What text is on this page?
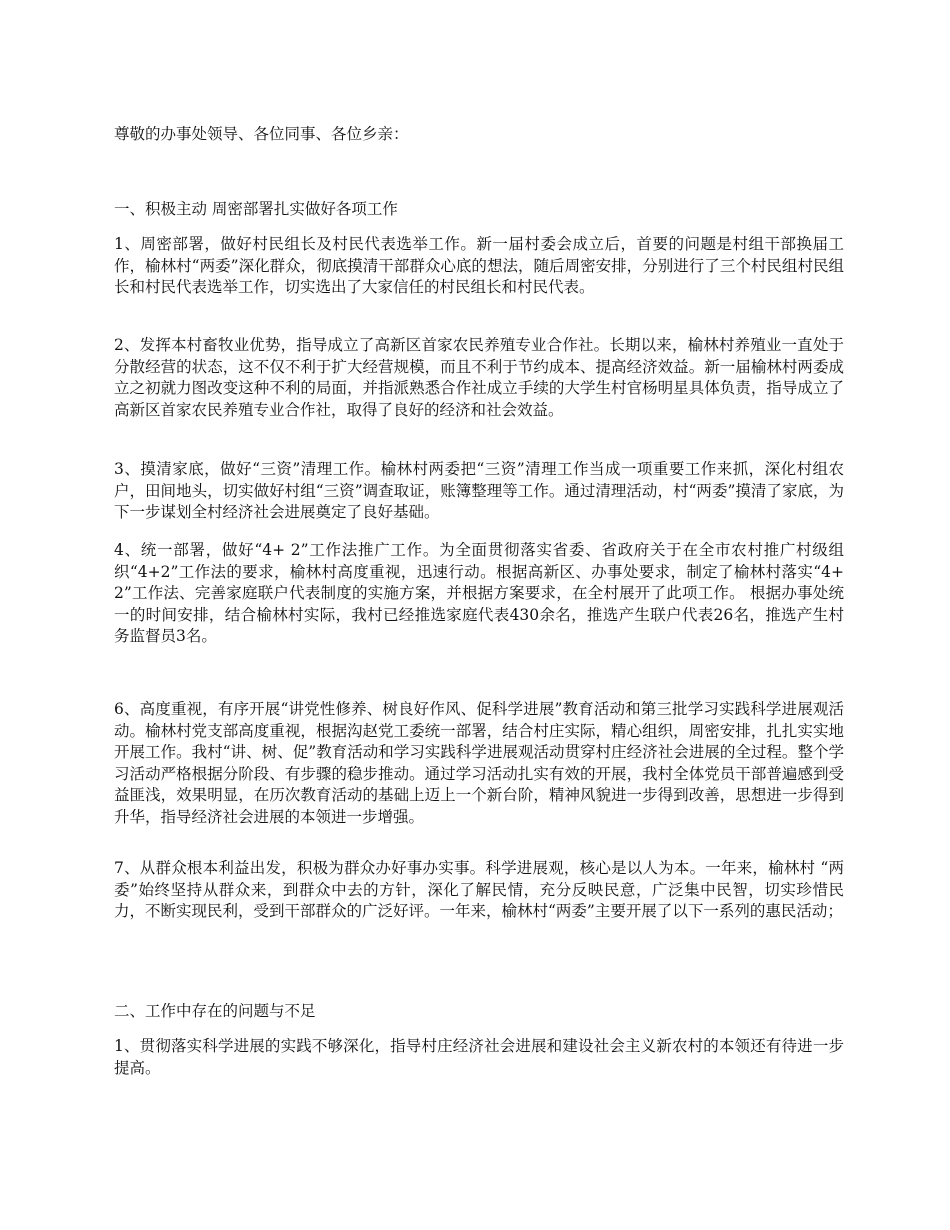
尊敬的办事处领导、各位同事、各位乡亲：

一、积极主动 周密部署扎实做好各项工作

1、周密部署，做好村民组长及村民代表选举工作。新一届村委会成立后，首要的问题是村组干部换届工作，榆林村“两委”深化群众，彻底摸清干部群众心底的想法，随后周密安排，分别进行了三个村民组村民组长和村民代表选举工作，切实选出了大家信任的村民组长和村民代表。

2、发挥本村畜牧业优势，指导成立了高新区首家农民养殖专业合作社。长期以来，榆林村养殖业一直处于分散经营的状态，这不仅不利于扩大经营规模，而且不利于节约成本、提高经济效益。新一届榆林村两委成立之初就力图改变这种不利的局面，并指派熟悉合作社成立手续的大学生村官杨明星具体负责，指导成立了高新区首家农民养殖专业合作社，取得了良好的经济和社会效益。

3、摸清家底，做好“三资”清理工作。榆林村两委把“三资”清理工作当成一项重要工作来抓，深化村组农户，田间地头，切实做好村组“三资”调查取证，账簿整理等工作。通过清理活动，村“两委”摸清了家底，为下一步谋划全村经济社会进展奠定了良好基础。

4、统一部署，做好“4+ 2”工作法推广工作。为全面贯彻落实省委、省政府关于在全市农村推广村级组织“4+2”工作法的要求，榆林村高度重视，迅速行动。根据高新区、办事处要求，制定了榆林村落实“4+2”工作法、完善家庭联户代表制度的实施方案，并根据方案要求，在全村展开了此项工作。 根据办事处统一的时间安排，结合榆林村实际，我村已经推选家庭代表430余名，推选产生联户代表26名，推选产生村务监督员3名。

6、高度重视，有序开展“讲党性修养、树良好作风、促科学进展”教育活动和第三批学习实践科学进展观活动。榆林村党支部高度重视，根据沟赵党工委统一部署，结合村庄实际，精心组织，周密安排，扎扎实实地开展工作。我村“讲、树、促”教育活动和学习实践科学进展观活动贯穿村庄经济社会进展的全过程。整个学习活动严格根据分阶段、有步骤的稳步推动。通过学习活动扎实有效的开展，我村全体党员干部普遍感到受益匪浅，效果明显，在历次教育活动的基础上迈上一个新台阶，精神风貌进一步得到改善，思想进一步得到升华，指导经济社会进展的本领进一步增强。

7、从群众根本利益出发，积极为群众办好事办实事。科学进展观，核心是以人为本。一年来，榆林村 “两委”始终坚持从群众来，到群众中去的方针，深化了解民情，充分反映民意，广泛集中民智，切实珍惜民力，不断实现民利，受到干部群众的广泛好评。一年来，榆林村“两委”主要开展了以下一系列的惠民活动；

二、工作中存在的问题与不足

1、贯彻落实科学进展的实践不够深化，指导村庄经济社会进展和建设社会主义新农村的本领还有待进一步提高。
